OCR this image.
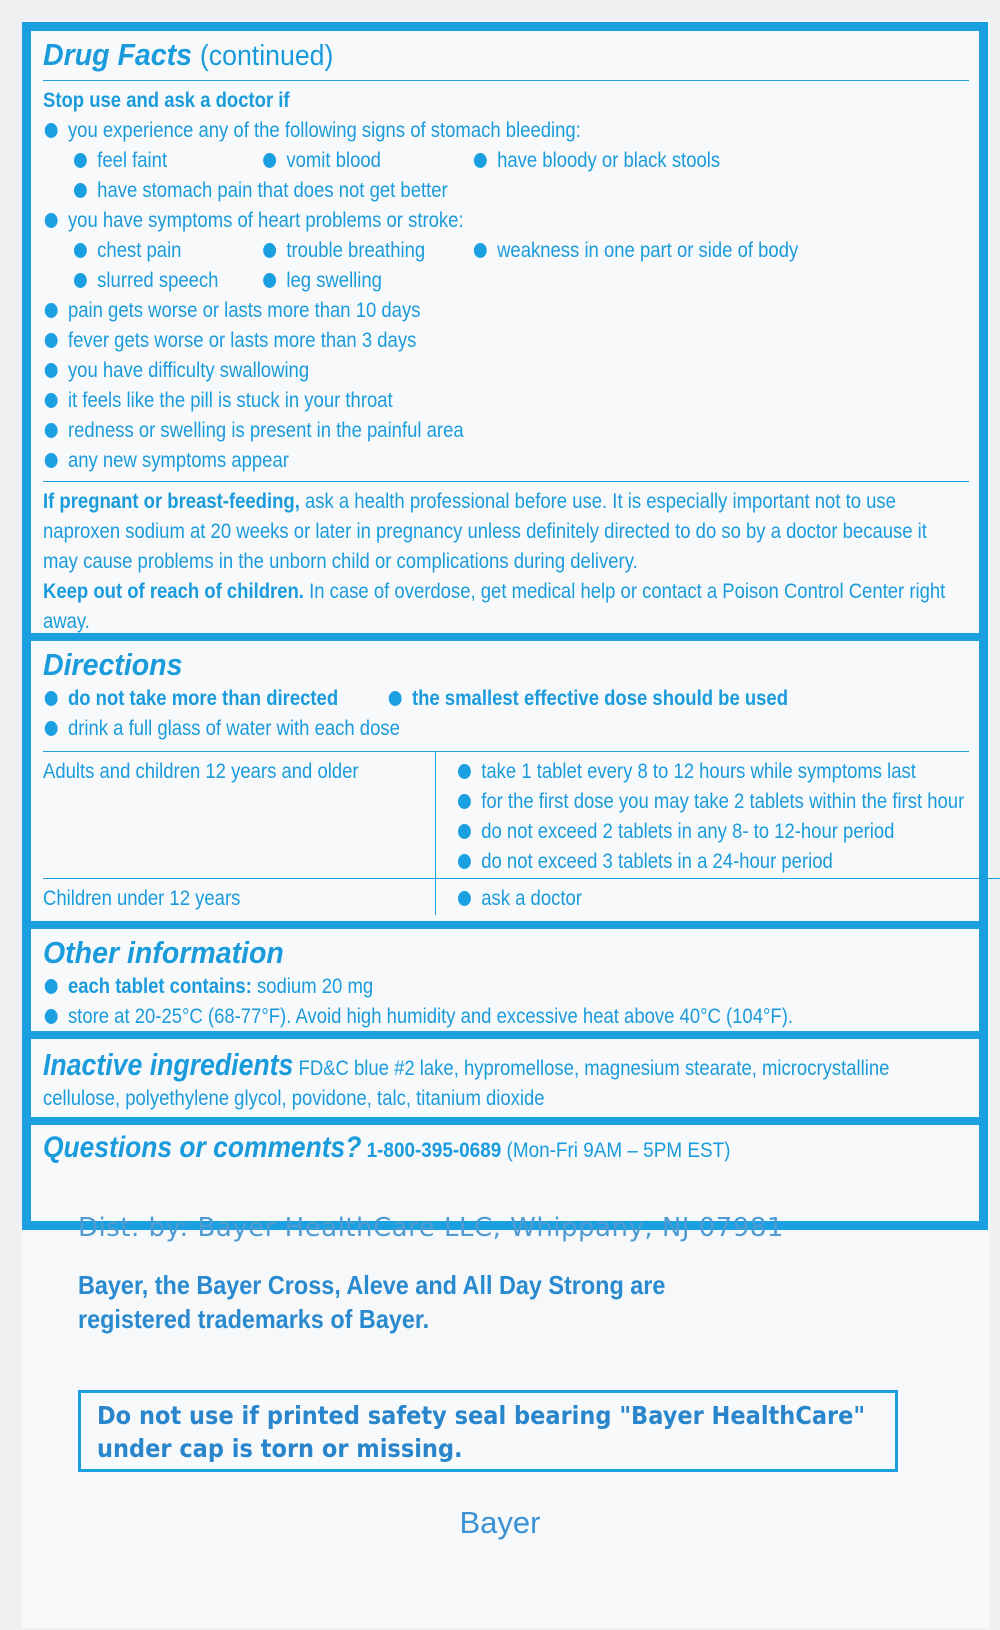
Drug Facts (continued)
Stop use and ask a doctor if
you experience any of the following signs of stomach bleeding:
feel faint	vomit blood	have bloody or black stools
have stomach pain that does not get better
you have symptoms of heart problems or stroke:
chest pain	trouble breathing	weakness in one part or side of body
slurred speech	leg swelling
pain gets worse or lasts more than 10 days
fever gets worse or lasts more than 3 days
you have difficulty swallowing
it feels like the pill is stuck in your throat
redness or swelling is present in the painful area
any new symptoms appear
If pregnant or breast-feeding, ask a health professional before use. It is especially important not to use naproxen sodium at 20 weeks or later in pregnancy unless definitely directed to do so by a doctor because it may cause problems in the unborn child or complications during delivery.
Keep out of reach of children. In case of overdose, get medical help or contact a Poison Control Center right away.
Directions
do not take more than directed	the smallest effective dose should be used
drink a full glass of water with each dose
Adults and children 12 years and older	take 1 tablet every 8 to 12 hours while symptoms last
for the first dose you may take 2 tablets within the first hour
do not exceed 2 tablets in any 8- to 12-hour period
do not exceed 3 tablets in a 24-hour period
Children under 12 years	ask a doctor
Other information
each tablet contains: sodium 20 mg
store at 20-25°C (68-77°F). Avoid high humidity and excessive heat above 40°C (104°F).
Inactive ingredients FD&C blue #2 lake, hypromellose, magnesium stearate, microcrystalline cellulose, polyethylene glycol, povidone, talc, titanium dioxide
Questions or comments? 1-800-395-0689 (Mon-Fri 9AM – 5PM EST)
Dist. by: Bayer HealthCare LLC, Whippany, NJ 07981
Bayer, the Bayer Cross, Aleve and All Day Strong are registered trademarks of Bayer.
Do not use if printed safety seal bearing "Bayer HealthCare" under cap is torn or missing.
Bayer
